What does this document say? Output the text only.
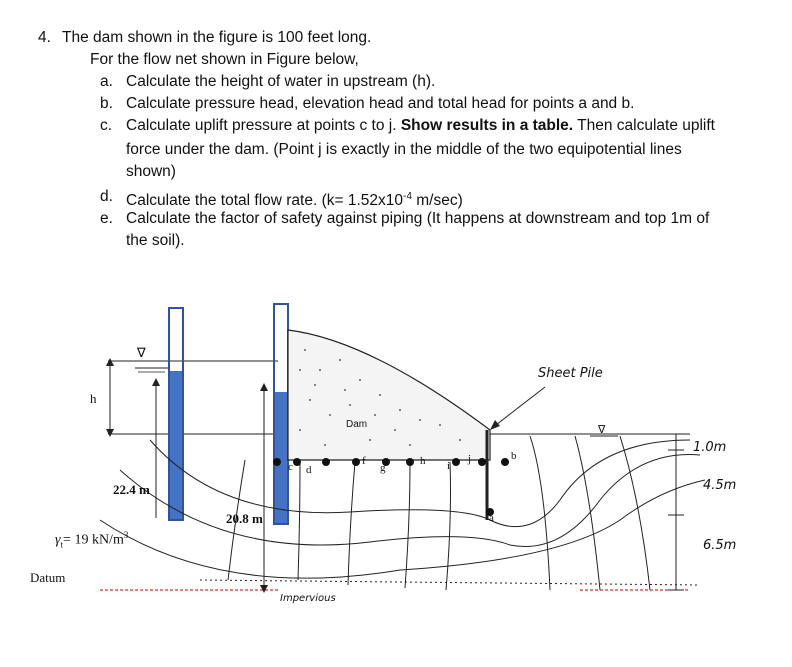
4. The dam shown in the figure is 100 feet long.
For the flow net shown in Figure below,
a. Calculate the height of water in upstream (h).
b. Calculate pressure head, elevation head and total head for points a and b.
c. Calculate uplift pressure at points c to j. Show results in a table. Then calculate uplift
force under the dam. (Point j is exactly in the middle of the two equipotential lines
shown)
d. Calculate the total flow rate. ($k= 1.52x10^{-4}$ m/sec)
e. Calculate the factor of safety against piping (It happens at downstream and top 1m of
the soil).
∇
∇
h
22.4 m
20.8 m
$\gamma_t= 19$ $kN/m^3$
Datum
Dam
Sheet Pile
Impervious
1.0m
4.5m
6.5m
a
b
c d
e	f
g
h i
j
